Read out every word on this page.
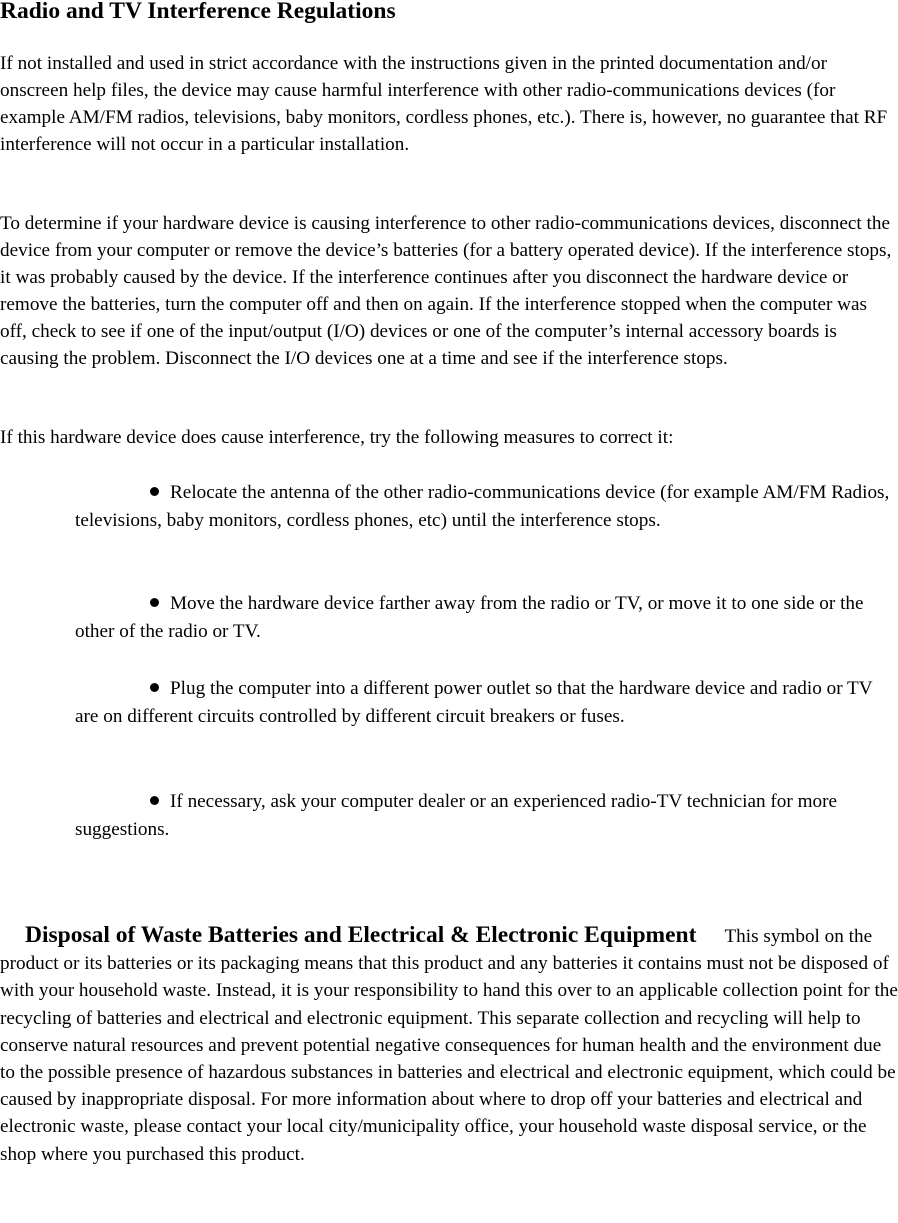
Radio and TV Interference Regulations

If not installed and used in strict accordance with the instructions given in the printed documentation and/or onscreen help files, the device may cause harmful interference with other radio-communications devices (for example AM/FM radios, televisions, baby monitors, cordless phones, etc.). There is, however, no guarantee that RF interference will not occur in a particular installation.

To determine if your hardware device is causing interference to other radio-communications devices, disconnect the device from your computer or remove the device’s batteries (for a battery operated device). If the interference stops, it was probably caused by the device. If the interference continues after you disconnect the hardware device or remove the batteries, turn the computer off and then on again. If the interference stopped when the computer was off, check to see if one of the input/output (I/O) devices or one of the computer’s internal accessory boards is causing the problem. Disconnect the I/O devices one at a time and see if the interference stops.

If this hardware device does cause interference, try the following measures to correct it:

Relocate the antenna of the other radio-communications device (for example AM/FM Radios, televisions, baby monitors, cordless phones, etc) until the interference stops.

Move the hardware device farther away from the radio or TV, or move it to one side or the other of the radio or TV.

Plug the computer into a different power outlet so that the hardware device and radio or TV are on different circuits controlled by different circuit breakers or fuses.

If necessary, ask your computer dealer or an experienced radio-TV technician for more suggestions.

Disposal of Waste Batteries and Electrical & Electronic Equipment This symbol on the product or its batteries or its packaging means that this product and any batteries it contains must not be disposed of with your household waste. Instead, it is your responsibility to hand this over to an applicable collection point for the recycling of batteries and electrical and electronic equipment. This separate collection and recycling will help to conserve natural resources and prevent potential negative consequences for human health and the environment due to the possible presence of hazardous substances in batteries and electrical and electronic equipment, which could be caused by inappropriate disposal. For more information about where to drop off your batteries and electrical and electronic waste, please contact your local city/municipality office, your household waste disposal service, or the shop where you purchased this product.
